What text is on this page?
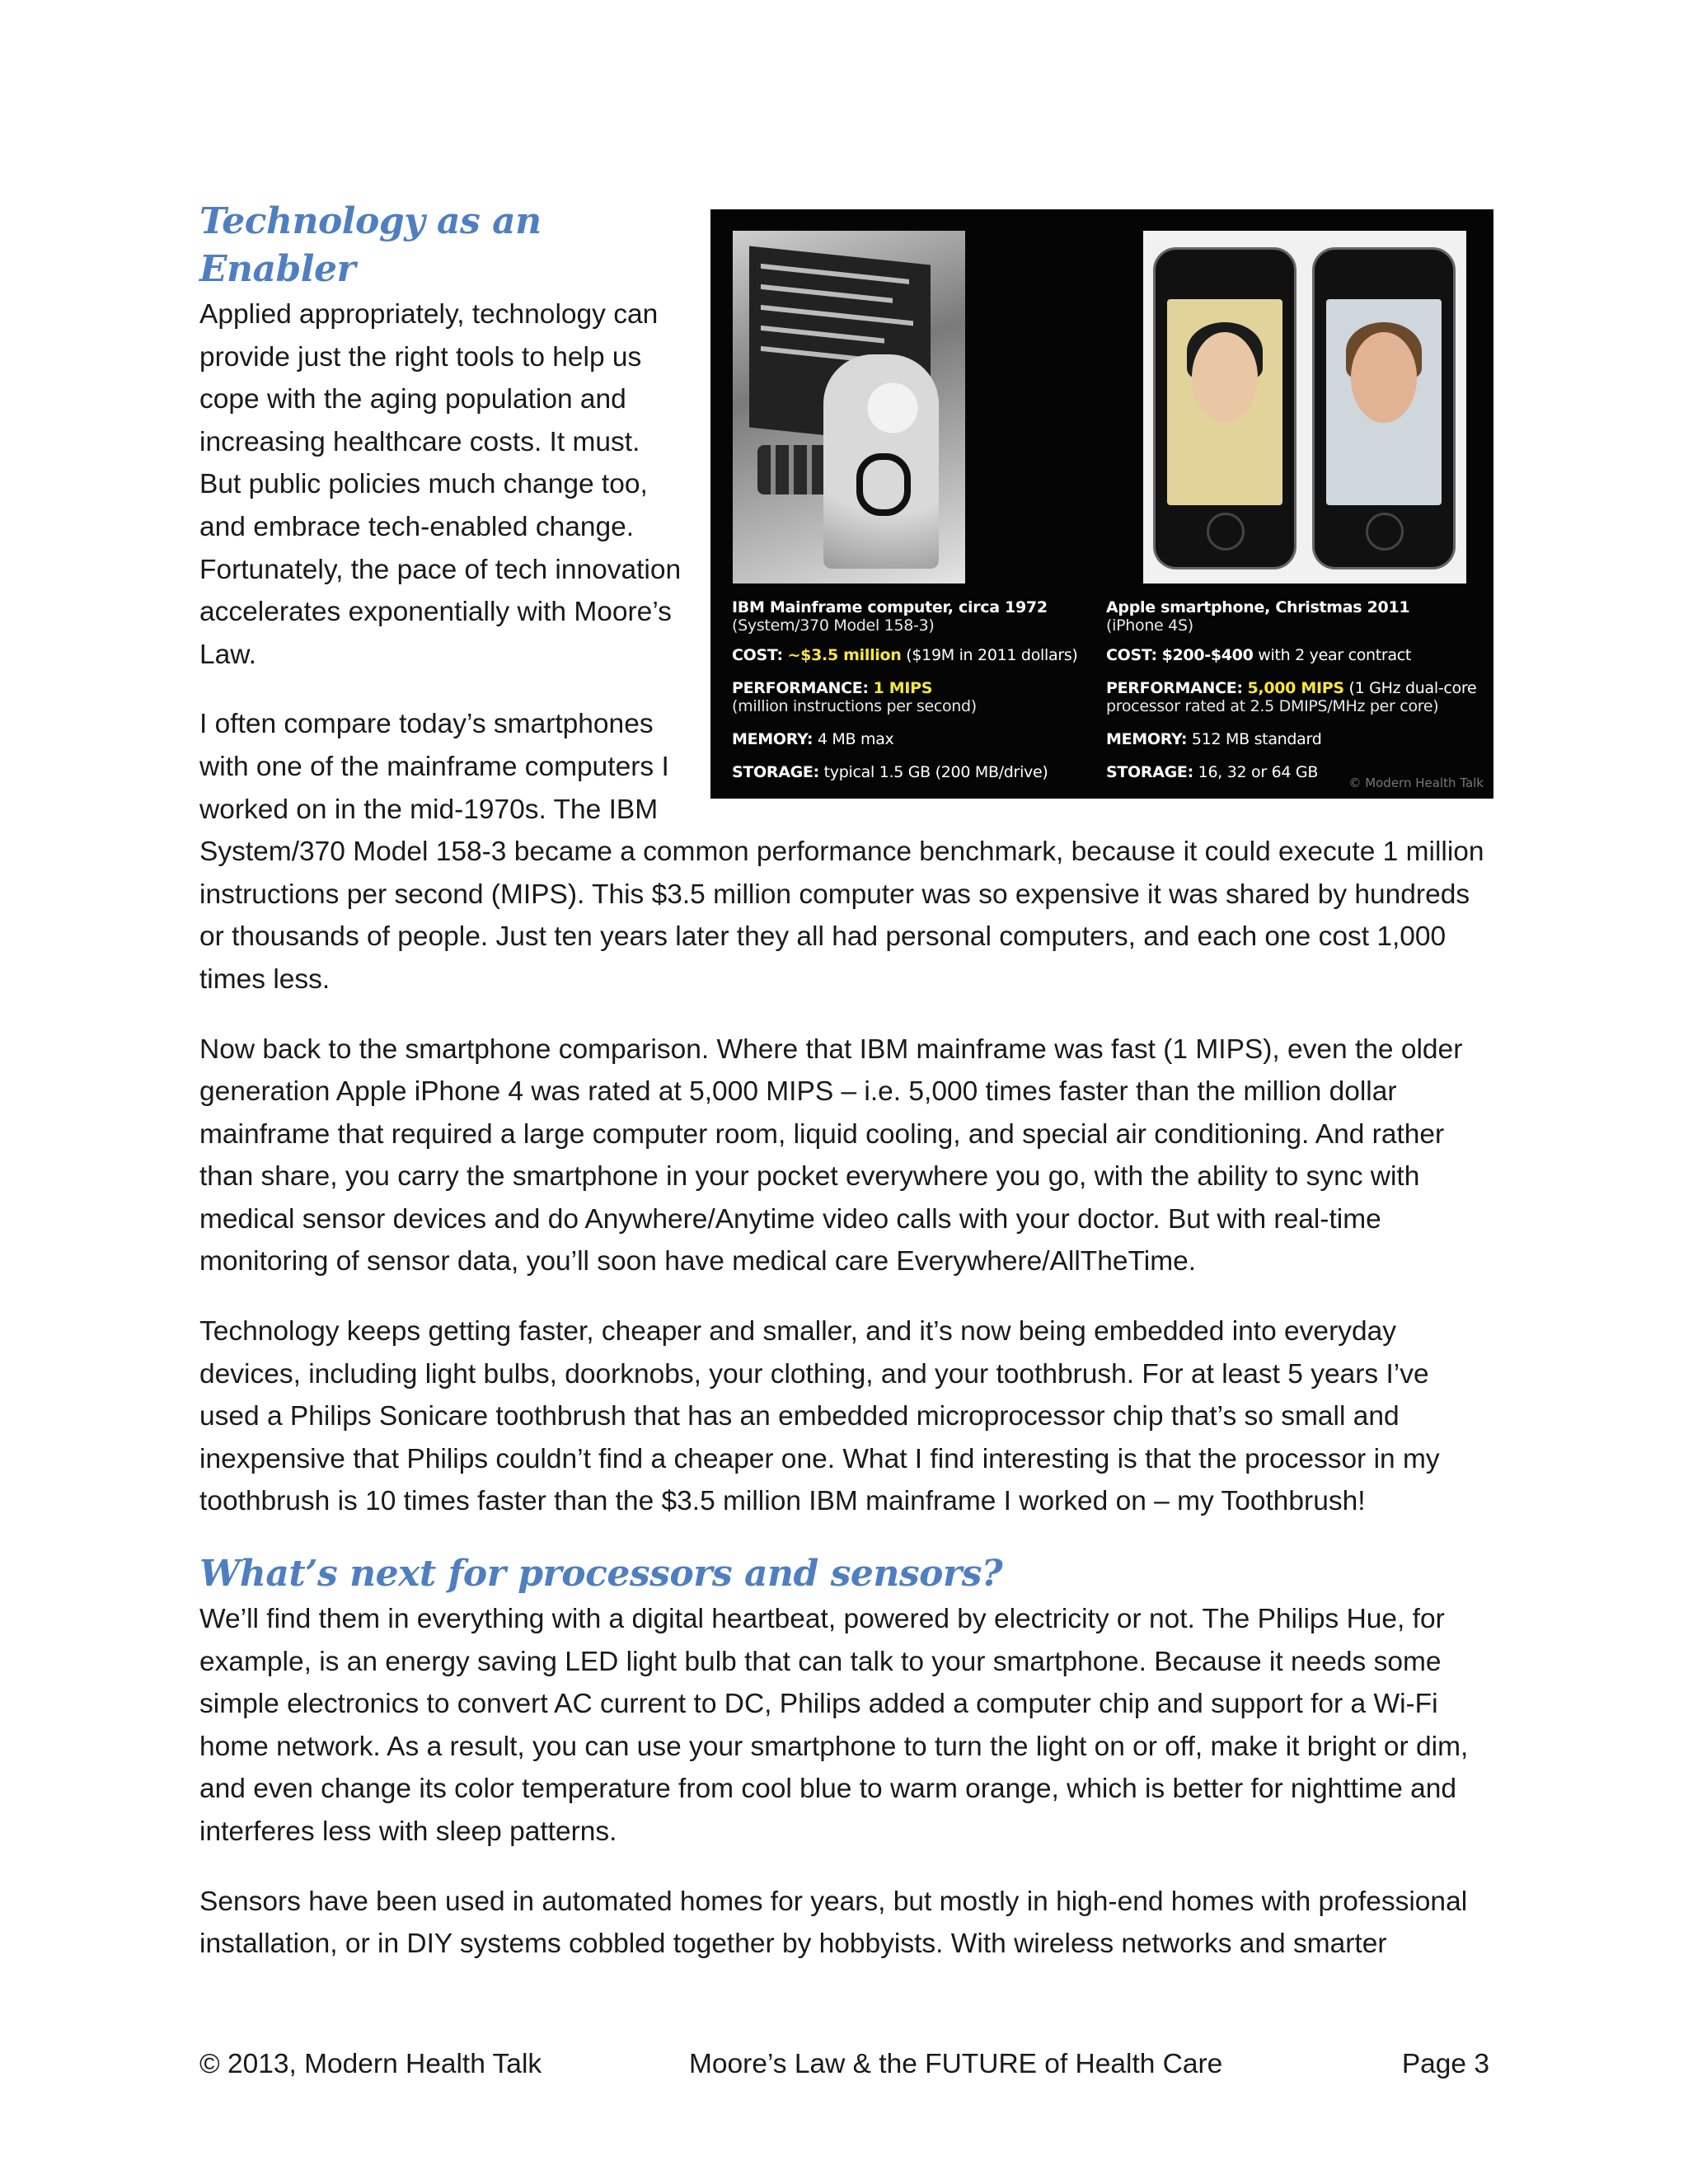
IBM Mainframe computer, circa 1972
(System/370 Model 158-3)
COST: ~$3.5 million ($19M in 2011 dollars)
PERFORMANCE: 1 MIPS
(million instructions per second)
MEMORY: 4 MB max
STORAGE: typical 1.5 GB (200 MB/drive)
Apple smartphone, Christmas 2011
(iPhone 4S)
COST: $200-$400 with 2 year contract
PERFORMANCE: 5,000 MIPS (1 GHz dual-core
processor rated at 2.5 DMIPS/MHz per core)
MEMORY: 512 MB standard
STORAGE: 16, 32 or 64 GB
© Modern Health Talk
Technology as an Enabler

Applied appropriately, technology can provide just the right tools to help us cope with the aging population and increasing healthcare costs. It must. But public policies much change too, and embrace tech-enabled change. Fortunately, the pace of tech innovation accelerates exponentially with Moore’s Law.

I often compare today’s smartphones with one of the mainframe computers I worked on in the mid-1970s. The IBM System/370 Model 158-3 became a common performance benchmark, because it could execute 1 million instructions per second (MIPS). This $3.5 million computer was so expensive it was shared by hundreds or thousands of people. Just ten years later they all had personal computers, and each one cost 1,000 times less.

Now back to the smartphone comparison. Where that IBM mainframe was fast (1 MIPS), even the older generation Apple iPhone 4 was rated at 5,000 MIPS – i.e. 5,000 times faster than the million dollar mainframe that required a large computer room, liquid cooling, and special air conditioning. And rather than share, you carry the smartphone in your pocket everywhere you go, with the ability to sync with medical sensor devices and do Anywhere/Anytime video calls with your doctor. But with real-time monitoring of sensor data, you’ll soon have medical care Everywhere/AllTheTime.

Technology keeps getting faster, cheaper and smaller, and it’s now being embedded into everyday devices, including light bulbs, doorknobs, your clothing, and your toothbrush. For at least 5 years I’ve used a Philips Sonicare toothbrush that has an embedded microprocessor chip that’s so small and inexpensive that Philips couldn’t find a cheaper one. What I find interesting is that the processor in my toothbrush is 10 times faster than the $3.5 million IBM mainframe I worked on – my Toothbrush!

What’s next for processors and sensors?

We’ll find them in everything with a digital heartbeat, powered by electricity or not. The Philips Hue, for example, is an energy saving LED light bulb that can talk to your smartphone. Because it needs some simple electronics to convert AC current to DC, Philips added a computer chip and support for a Wi-Fi home network. As a result, you can use your smartphone to turn the light on or off, make it bright or dim, and even change its color temperature from cool blue to warm orange, which is better for nighttime and interferes less with sleep patterns.

Sensors have been used in automated homes for years, but mostly in high-end homes with professional installation, or in DIY systems cobbled together by hobbyists. With wireless networks and smarter

© 2013, Modern Health Talk	Moore’s Law & the FUTURE of Health Care	Page 3
